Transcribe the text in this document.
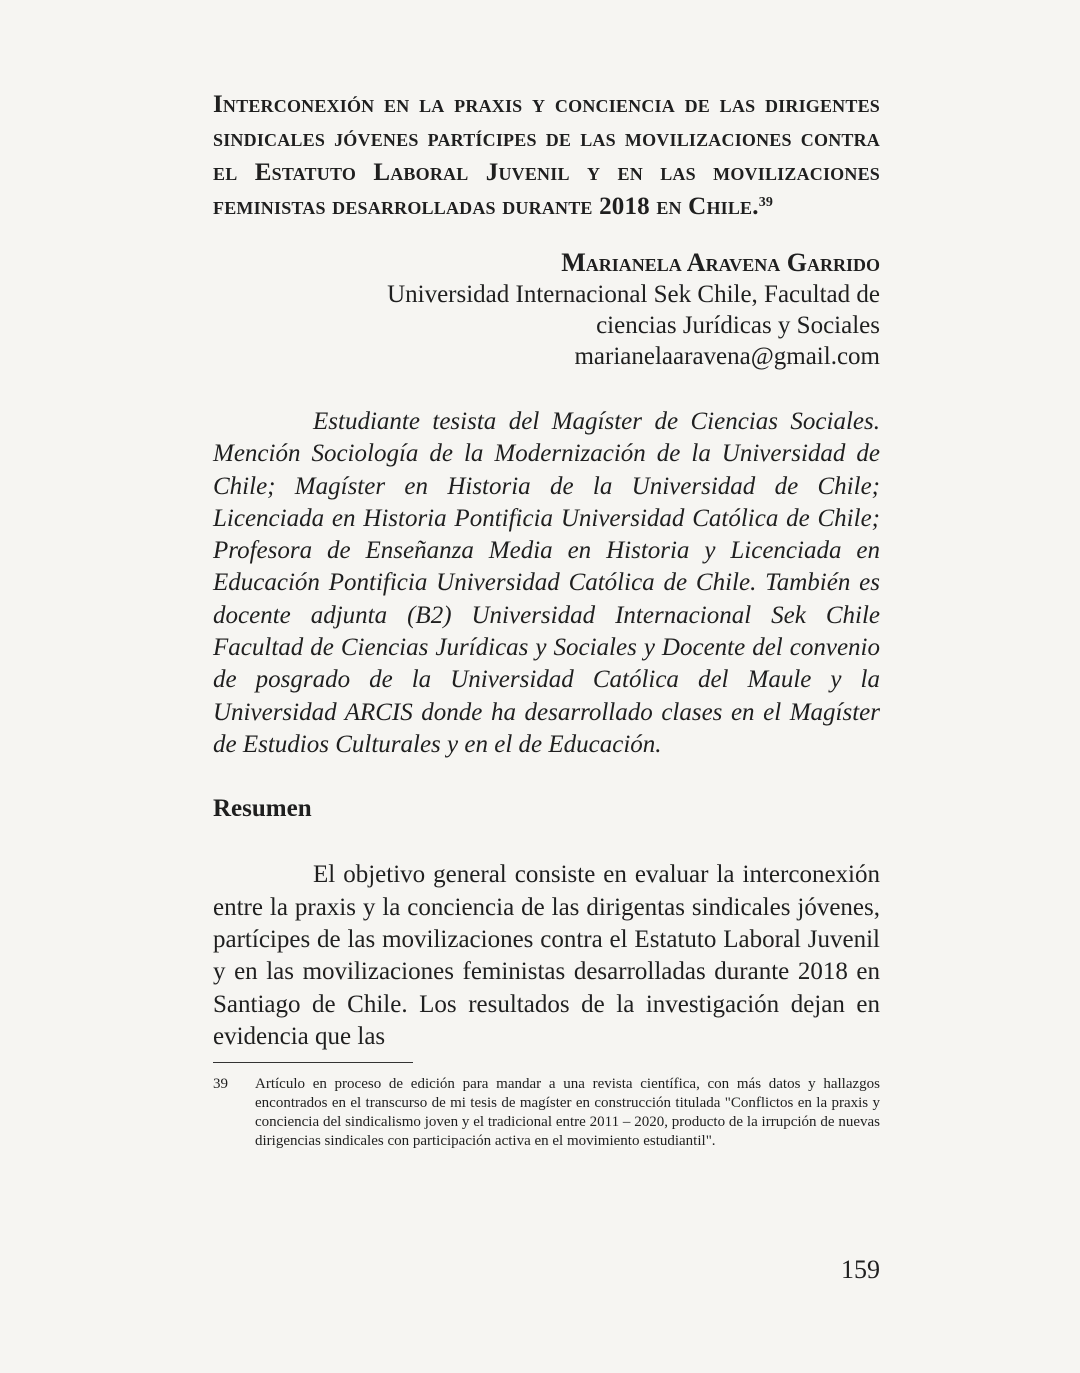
Interconexión en la praxis y conciencia de las dirigentes sindicales jóvenes partícipes de las movilizaciones contra el Estatuto Laboral Juvenil y en las movilizaciones feministas desarrolladas durante 2018 en Chile.$^{39}$
Marianela Aravena Garrido
Universidad Internacional Sek Chile, Facultad de
ciencias Jurídicas y Sociales
marianelaaravena@gmail.com

Estudiante tesista del Magíster de Ciencias Sociales. Mención Sociología de la Modernización de la Universidad de Chile; Magíster en Historia de la Universidad de Chile; Licenciada en Historia Pontificia Universidad Católica de Chile; Profesora de Enseñanza Media en Historia y Licenciada en Educación Pontificia Universidad Católica de Chile. También es docente adjunta (B2) Universidad Internacional Sek Chile Facultad de Ciencias Jurídicas y Sociales y Docente del convenio de posgrado de la Universidad Católica del Maule y la Universidad ARCIS donde ha desarrollado clases en el Magíster de Estudios Culturales y en el de Educación.

Resumen

El objetivo general consiste en evaluar la interconexión entre la praxis y la conciencia de las dirigentas sindicales jóvenes, partícipes de las movilizaciones contra el Estatuto Laboral Juvenil y en las movilizaciones feministas desarrolladas durante 2018 en Santiago de Chile. Los resultados de la investigación dejan en evidencia que las

39	Artículo en proceso de edición para mandar a una revista científica, con más datos y hallazgos encontrados en el transcurso de mi tesis de magíster en construcción titulada "Conflictos en la praxis y conciencia del sindicalismo joven y el tradicional entre 2011 – 2020, producto de la irrupción de nuevas dirigencias sindicales con participación activa en el movimiento estudiantil".
159
